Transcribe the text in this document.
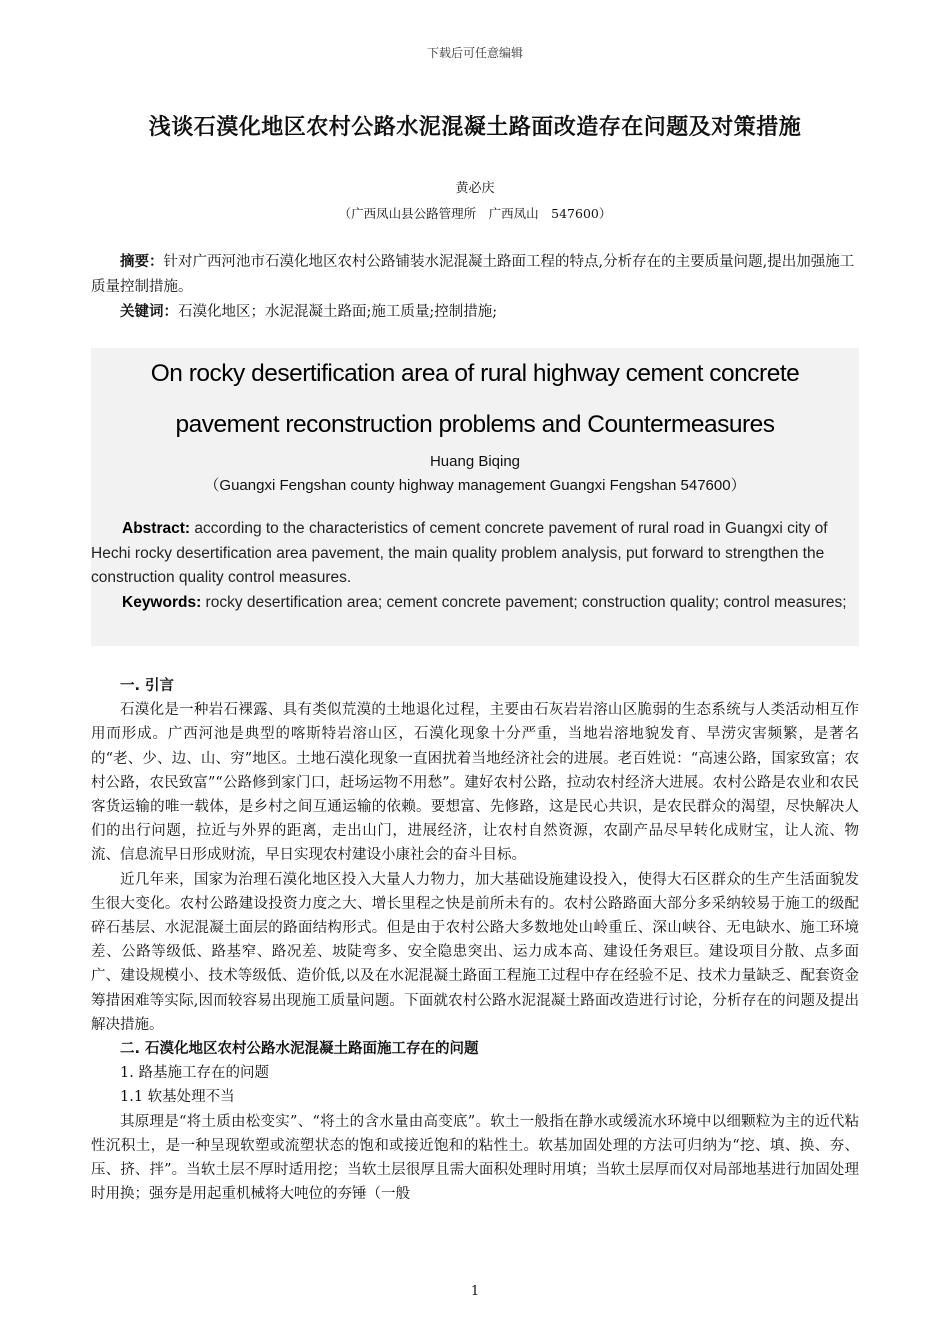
下载后可任意编辑
浅谈石漠化地区农村公路水泥混凝土路面改造存在问题及对策措施
黄必庆
（广西凤山县公路管理所　广西凤山　547600）

摘要：针对广西河池市石漠化地区农村公路铺装水泥混凝土路面工程的特点,分析存在的主要质量问题,提出加强施工质量控制措施。

关键词：石漠化地区；水泥混凝土路面;施工质量;控制措施;

On rocky desertification area of rural highway cement concrete
pavement reconstruction problems and Countermeasures
Huang Biqing
（Guangxi Fengshan county highway management Guangxi Fengshan 547600）

Abstract: according to the characteristics of cement concrete pavement of rural road in Guangxi city of Hechi rocky desertification area pavement, the main quality problem analysis, put forward to strengthen the construction quality control measures.

Keywords: rocky desertification area; cement concrete pavement; construction quality; control measures;

一. 引言

石漠化是一种岩石裸露、具有类似荒漠的土地退化过程，主要由石灰岩岩溶山区脆弱的生态系统与人类活动相互作用而形成。广西河池是典型的喀斯特岩溶山区，石漠化现象十分严重，当地岩溶地貌发育、旱涝灾害频繁，是著名的“老、少、边、山、穷”地区。土地石漠化现象一直困扰着当地经济社会的进展。老百姓说：“高速公路，国家致富；农村公路，农民致富”“公路修到家门口，赶场运物不用愁”。建好农村公路，拉动农村经济大进展。农村公路是农业和农民客货运输的唯一载体，是乡村之间互通运输的依赖。要想富、先修路，这是民心共识，是农民群众的渴望，尽快解决人们的出行问题，拉近与外界的距离，走出山门，进展经济，让农村自然资源，农副产品尽早转化成财宝，让人流、物流、信息流早日形成财流，早日实现农村建设小康社会的奋斗目标。

近几年来，国家为治理石漠化地区投入大量人力物力，加大基础设施建设投入，使得大石区群众的生产生活面貌发生很大变化。农村公路建设投资力度之大、增长里程之快是前所未有的。农村公路路面大部分多采纳较易于施工的级配碎石基层、水泥混凝土面层的路面结构形式。但是由于农村公路大多数地处山岭重丘、深山峡谷、无电缺水、施工环境差、公路等级低、路基窄、路况差、坡陡弯多、安全隐患突出、运力成本高、建设任务艰巨。建设项目分散、点多面广、建设规模小、技术等级低、造价低,以及在水泥混凝土路面工程施工过程中存在经验不足、技术力量缺乏、配套资金筹措困难等实际,因而较容易出现施工质量问题。下面就农村公路水泥混凝土路面改造进行讨论，分析存在的问题及提出解决措施。

二. 石漠化地区农村公路水泥混凝土路面施工存在的问题

1. 路基施工存在的问题

1.1 软基处理不当

其原理是“将土质由松变实”、“将土的含水量由高变底”。软土一般指在静水或缓流水环境中以细颗粒为主的近代粘性沉积土，是一种呈现软塑或流塑状态的饱和或接近饱和的粘性土。软基加固处理的方法可归纳为“挖、填、换、夯、压、挤、拌”。当软土层不厚时适用挖；当软土层很厚且需大面积处理时用填；当软土层厚而仅对局部地基进行加固处理时用换；强夯是用起重机械将大吨位的夯锤（一般

1
